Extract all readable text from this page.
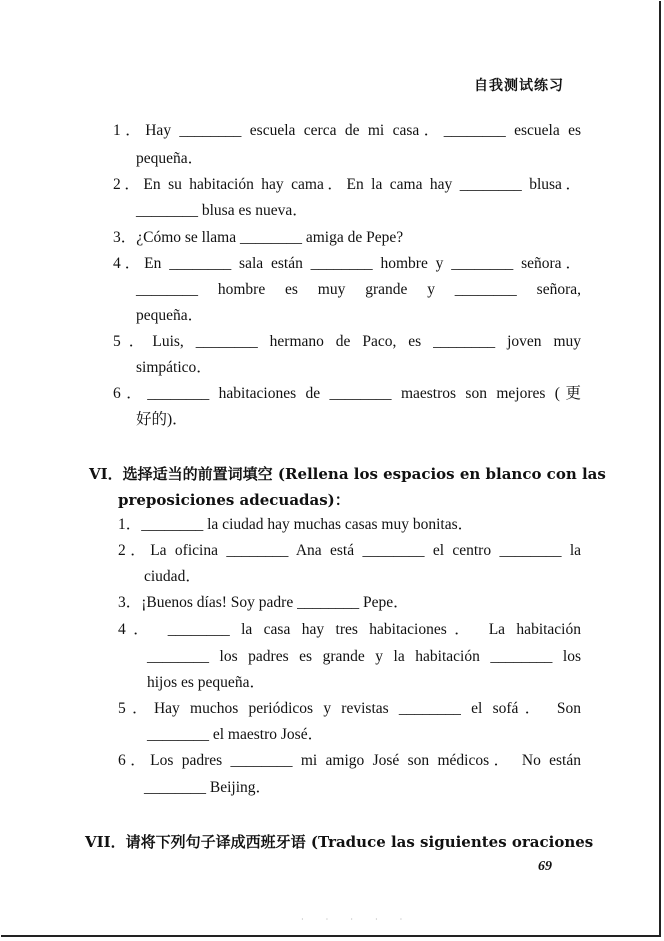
自我测试练习
1．Hay ________ escuela cerca de mi casa．________ escuela es
pequeña．
2．En su habitación hay cama．En la cama hay ________ blusa．
________ blusa es nueva．
3．¿Cómo se llama ________ amiga de Pepe?
4．En ________ sala están ________ hombre y ________ señora．
________ hombre es muy grande y ________ señora,
pequeña．
5．Luis, ________ hermano de Paco, es ________ joven muy
simpático．
6．________ habitaciones de ________ maestros son mejores (更
好的)．
VI．选择适当的前置词填空 (Rellena los espacios en blanco con las
preposiciones adecuadas)：
1．________ la ciudad hay muchas casas muy bonitas．
2．La oficina ________ Ana está ________ el centro ________ la
ciudad．
3．¡Buenos días! Soy padre ________ Pepe．
4． ________ la casa hay tres habitaciones． La habitación
________ los padres es grande y la habitación ________ los
hijos es pequeña．
5．Hay muchos periódicos y revistas ________ el sofá． Son
________ el maestro José．
6．Los padres ________ mi amigo José son médicos． No están
________ Beijing．
VII．请将下列句子译成西班牙语 (Traduce las siguientes oraciones
69
· · · · ·
